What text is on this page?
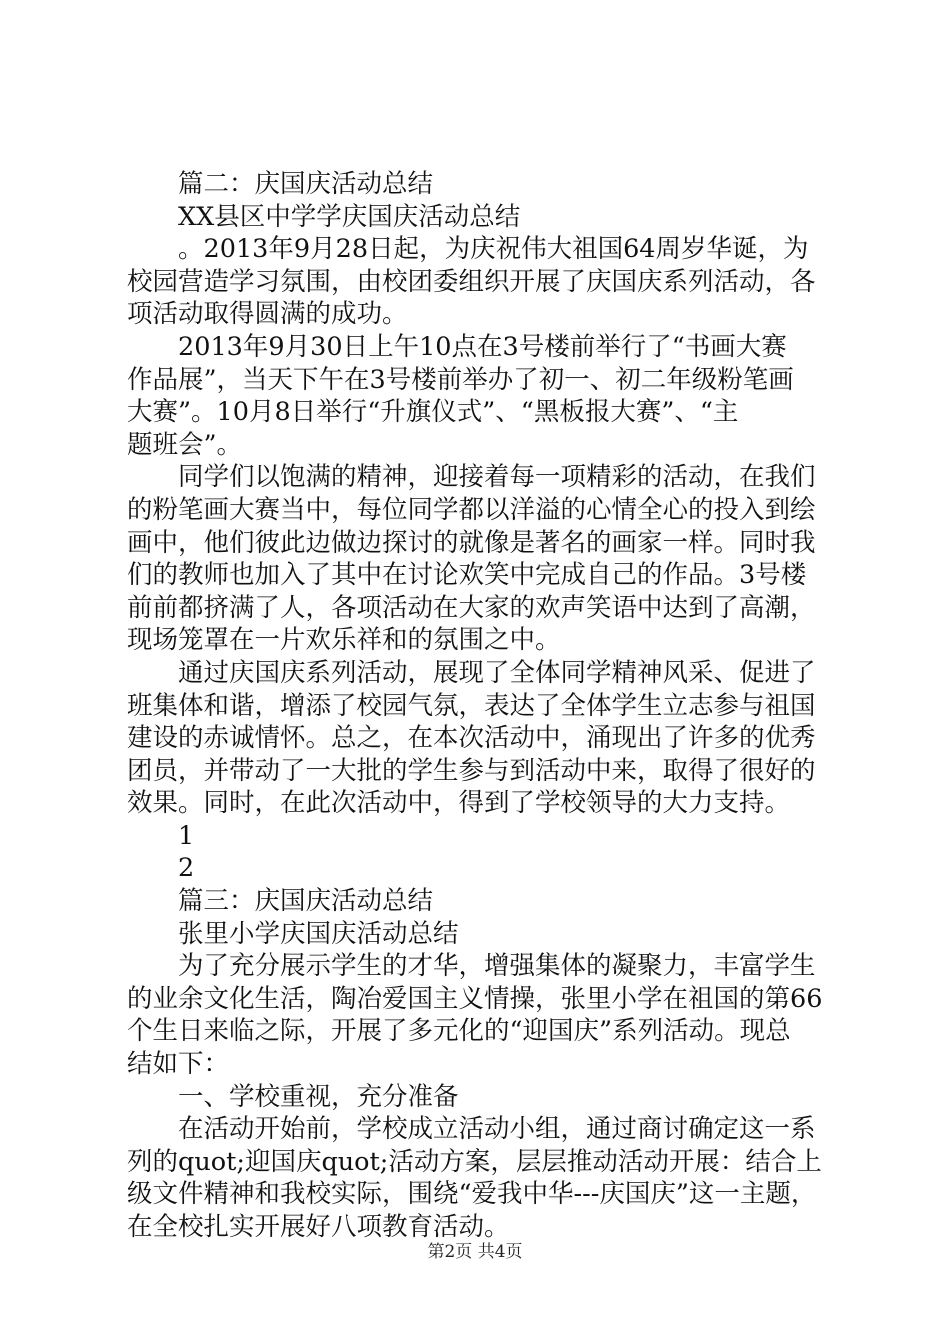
篇二：庆国庆活动总结

XX县区中学学庆国庆活动总结

。2013年9月28日起，为庆祝伟大祖国64周岁华诞，为

校园营造学习氛围，由校团委组织开展了庆国庆系列活动，各

项活动取得圆满的成功。

2013年9月30日上午10点在3号楼前举行了“书画大赛

作品展”，当天下午在3号楼前举办了初一、初二年级粉笔画

大赛”。10月8日举行“升旗仪式”、“黑板报大赛”、“主

题班会”。

同学们以饱满的精神，迎接着每一项精彩的活动，在我们

的粉笔画大赛当中，每位同学都以洋溢的心情全心的投入到绘

画中，他们彼此边做边探讨的就像是著名的画家一样。同时我

们的教师也加入了其中在讨论欢笑中完成自己的作品。3号楼

前前都挤满了人，各项活动在大家的欢声笑语中达到了高潮，

现场笼罩在一片欢乐祥和的氛围之中。

通过庆国庆系列活动，展现了全体同学精神风采、促进了

班集体和谐，增添了校园气氛，表达了全体学生立志参与祖国

建设的赤诚情怀。总之，在本次活动中，涌现出了许多的优秀

团员，并带动了一大批的学生参与到活动中来，取得了很好的

效果。同时，在此次活动中，得到了学校领导的大力支持。

1

2

篇三：庆国庆活动总结

张里小学庆国庆活动总结

为了充分展示学生的才华，增强集体的凝聚力，丰富学生

的业余文化生活，陶冶爱国主义情操，张里小学在祖国的第66

个生日来临之际，开展了多元化的“迎国庆”系列活动。现总

结如下：

一、学校重视，充分准备

在活动开始前，学校成立活动小组，通过商讨确定这一系

列的quot;迎国庆quot;活动方案，层层推动活动开展：结合上

级文件精神和我校实际，围绕“爱我中华---庆国庆”这一主题，

在全校扎实开展好八项教育活动。

第2页 共4页
